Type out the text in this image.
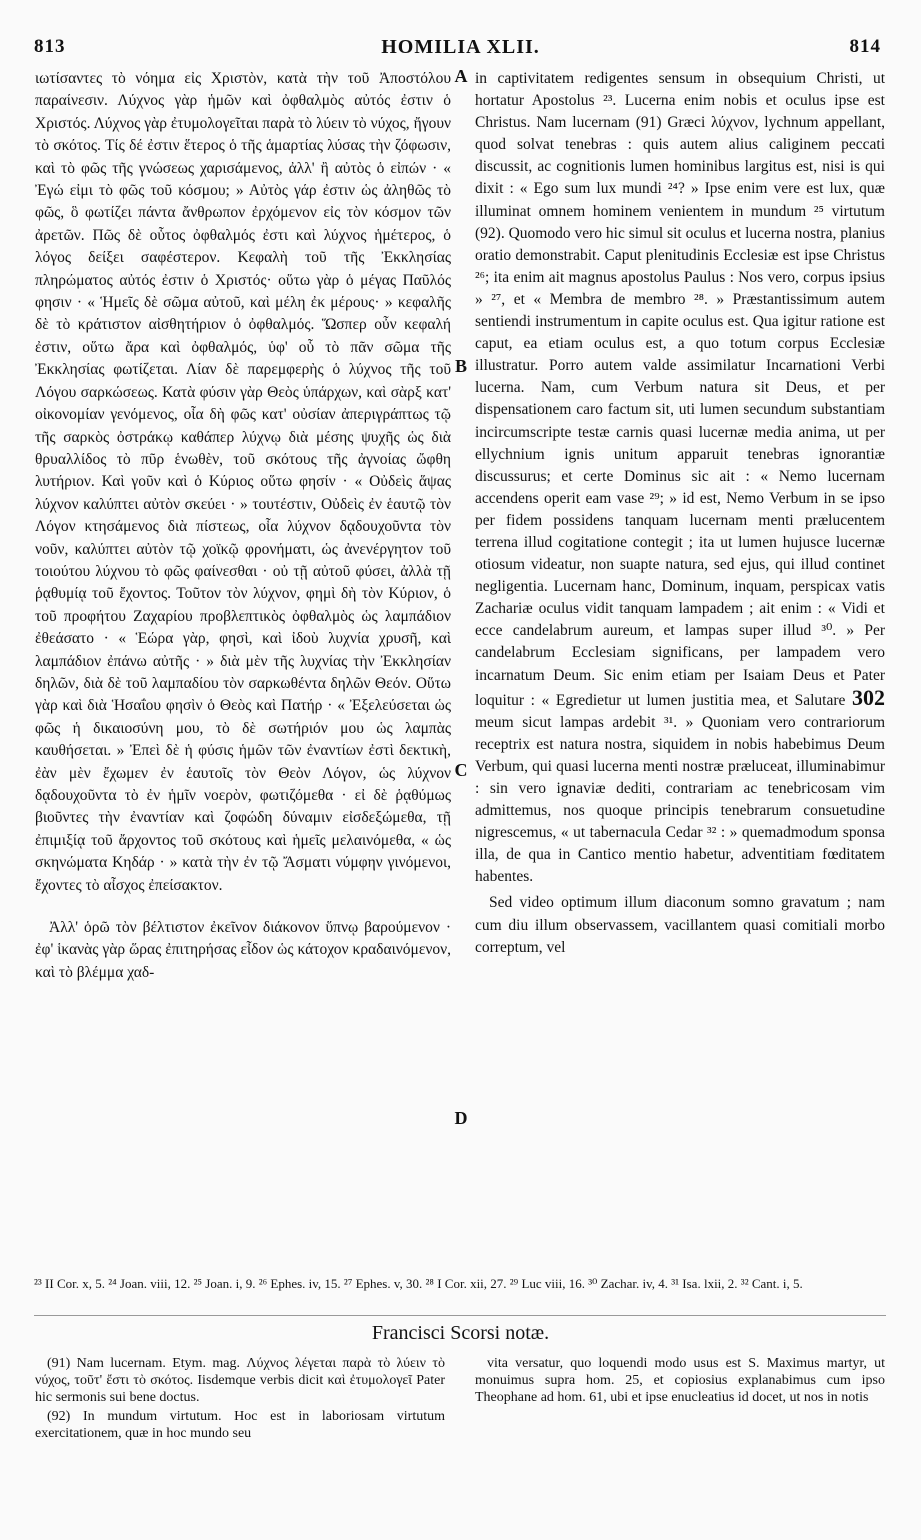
813	HOMILIA XLII.	814

ιωτίσαντες τὸ νόημα εἰς Χριστὸν, κατὰ τὴν τοῦ Ἀποστόλου παραίνεσιν. Λύχνος γὰρ ἡμῶν καὶ ὀφθαλμὸς αὐτός ἐστιν ὁ Χριστός. Λύχνος γὰρ ἐτυμολογεῖται παρὰ τὸ λύειν τὸ νύχος, ἤγουν τὸ σκότος. Τίς δέ ἐστιν ἕτερος ὁ τῆς ἁμαρτίας λύσας τὴν ζόφωσιν, καὶ τὸ φῶς τῆς γνώσεως χαρισάμενος, ἀλλ' ἢ αὐτὸς ὁ εἰπών · « Ἐγώ εἰμι τὸ φῶς τοῦ κόσμου; » Αὐτὸς γάρ ἐστιν ὡς ἀληθῶς τὸ φῶς, ὃ φωτίζει πάντα ἄνθρωπον ἐρχόμενον εἰς τὸν κόσμον τῶν ἀρετῶν. Πῶς δὲ οὗτος ὀφθαλμός ἐστι καὶ λύχνος ἡμέτερος, ὁ λόγος δείξει σαφέστερον. Κεφαλὴ τοῦ τῆς Ἐκκλησίας πληρώματος αὐτός ἐστιν ὁ Χριστός· οὕτω γὰρ ὁ μέγας Παῦλός φησιν · « Ἡμεῖς δὲ σῶμα αὐτοῦ, καὶ μέλη ἐκ μέρους· » κεφαλῆς δὲ τὸ κράτιστον αἰσθητήριον ὁ ὀφθαλμός. Ὥσπερ οὖν κεφαλή ἐστιν, οὕτω ἄρα καὶ ὀφθαλμός, ὑφ' οὗ τὸ πᾶν σῶμα τῆς Ἐκκλησίας φωτίζεται. Λίαν δὲ παρεμφερὴς ὁ λύχνος τῆς τοῦ Λόγου σαρκώσεως. Κατὰ φύσιν γὰρ Θεὸς ὑπάρχων, καὶ σὰρξ κατ' οἰκονομίαν γενόμενος, οἷα δὴ φῶς κατ' οὐσίαν ἀπεριγράπτως τῷ τῆς σαρκὸς ὀστράκῳ καθάπερ λύχνῳ διὰ μέσης ψυχῆς ὡς διὰ θρυαλλίδος τὸ πῦρ ἑνωθὲν, τοῦ σκότους τῆς ἀγνοίας ὤφθη λυτήριον. Καὶ γοῦν καὶ ὁ Κύριος οὕτω φησίν · « Οὐδεὶς ἅψας λύχνον καλύπτει αὐτὸν σκεύει · » τουτέστιν, Οὐδεὶς ἐν ἑαυτῷ τὸν Λόγον κτησάμενος διὰ πίστεως, οἷα λύχνον δᾳδουχοῦντα τὸν νοῦν, καλύπτει αὐτὸν τῷ χοϊκῷ φρονήματι, ὡς ἀνενέργητον τοῦ τοιούτου λύχνου τὸ φῶς φαίνεσθαι · οὐ τῇ αὐτοῦ φύσει, ἀλλὰ τῇ ῥᾳθυμίᾳ τοῦ ἔχοντος. Τοῦτον τὸν λύχνον, φημὶ δὴ τὸν Κύριον, ὁ τοῦ προφήτου Ζαχαρίου προβλεπτικὸς ὀφθαλμὸς ὡς λαμπάδιον ἐθεάσατο · « Ἑώρα γὰρ, φησὶ, καὶ ἰδοὺ λυχνία χρυσῆ, καὶ λαμπάδιον ἐπάνω αὐτῆς · » διὰ μὲν τῆς λυχνίας τὴν Ἐκκλησίαν δηλῶν, διὰ δὲ τοῦ λαμπαδίου τὸν σαρκωθέντα δηλῶν Θεόν. Οὕτω γὰρ καὶ διὰ Ἡσαΐου φησὶν ὁ Θεὸς καὶ Πατήρ · « Ἐξελεύσεται ὡς φῶς ἡ δικαιοσύνη μου, τὸ δὲ σωτήριόν μου ὡς λαμπὰς καυθήσεται. » Ἐπεὶ δὲ ἡ φύσις ἡμῶν τῶν ἐναντίων ἐστὶ δεκτικὴ, ἐὰν μὲν ἔχωμεν ἐν ἑαυτοῖς τὸν Θεὸν Λόγον, ὡς λύχνον δᾳδουχοῦντα τὸ ἐν ἡμῖν νοερὸν, φωτιζόμεθα · εἰ δὲ ῥᾳθύμως βιοῦντες τὴν ἐναντίαν καὶ ζοφώδη δύναμιν εἰσδεξώμεθα, τῇ ἐπιμιξίᾳ τοῦ ἄρχοντος τοῦ σκότους καὶ ἡμεῖς μελαινόμεθα, « ὡς σκηνώματα Κηδάρ · » κατὰ τὴν ἐν τῷ Ἄσματι νύμφην γινόμενοι, ἔχοντες τὸ αἶσχος ἐπείσακτον.

Ἀλλ' ὁρῶ τὸν βέλτιστον ἐκεῖνον διάκονον ὕπνῳ βαρούμενον · ἐφ' ἱκανὰς γὰρ ὥρας ἐπιτηρήσας εἶδον ὡς κάτοχον κραδαινόμενον, καὶ τὸ βλέμμα χαδ-

A
B
C
D

in captivitatem redigentes sensum in obsequium Christi, ut hortatur Apostolus ²³. Lucerna enim nobis et oculus ipse est Christus. Nam lucernam (91) Græci λύχνον, lychnum appellant, quod solvat tenebras : quis autem alius caliginem peccati discussit, ac cognitionis lumen hominibus largitus est, nisi is qui dixit : « Ego sum lux mundi ²⁴? » Ipse enim vere est lux, quæ illuminat omnem hominem venientem in mundum ²⁵ virtutum (92). Quomodo vero hic simul sit oculus et lucerna nostra, planius oratio demonstrabit. Caput plenitudinis Ecclesiæ est ipse Christus ²⁶; ita enim ait magnus apostolus Paulus : Nos vero, corpus ipsius » ²⁷, et « Membra de membro ²⁸. » Præstantissimum autem sentiendi instrumentum in capite oculus est. Qua igitur ratione est caput, ea etiam oculus est, a quo totum corpus Ecclesiæ illustratur. Porro autem valde assimilatur Incarnationi Verbi lucerna. Nam, cum Verbum natura sit Deus, et per dispensationem caro factum sit, uti lumen secundum substantiam incircumscripte testæ carnis quasi lucernæ media anima, ut per ellychnium ignis unitum apparuit tenebras ignorantiæ discussurus; et certe Dominus sic ait : « Nemo lucernam accendens operit eam vase ²⁹; » id est, Nemo Verbum in se ipso per fidem possidens tanquam lucernam menti prælucentem terrena illud cogitatione contegit ; ita ut lumen hujusce lucernæ otiosum videatur, non suapte natura, sed ejus, qui illud continet negligentia. Lucernam hanc, Dominum, inquam, perspicax vatis Zachariæ oculus vidit tanquam lampadem ; ait enim : « Vidi et ecce candelabrum aureum, et lampas super illud ³⁰. » Per candelabrum Ecclesiam significans, per lampadem vero incarnatum Deum. Sic enim etiam per Isaiam Deus et Pater loquitur : « Egredietur ut lumen justitia mea, et Salutare 302 meum sicut lampas ardebit ³¹. » Quoniam vero contrariorum receptrix est natura nostra, siquidem in nobis habebimus Deum Verbum, qui quasi lucerna menti nostræ præluceat, illuminabimur : sin vero ignaviæ dediti, contrariam ac tenebricosam vim admittemus, nos quoque principis tenebrarum consuetudine nigrescemus, « ut tabernacula Cedar ³² : » quemadmodum sponsa illa, de qua in Cantico mentio habetur, adventitiam fœditatem habentes.

Sed video optimum illum diaconum somno gravatum ; nam cum diu illum observassem, vacillantem quasi comitiali morbo correptum, vel

²³ II Cor. x, 5. ²⁴ Joan. viii, 12. ²⁵ Joan. i, 9. ²⁶ Ephes. iv, 15. ²⁷ Ephes. v, 30. ²⁸ I Cor. xii, 27. ²⁹ Luc viii, 16. ³⁰ Zachar. iv, 4. ³¹ Isa. lxii, 2. ³² Cant. i, 5.
Francisci Scorsi notæ.

(91) Nam lucernam. Etym. mag. Λύχνος λέγεται παρὰ τὸ λύειν τὸ νύχος, τοῦτ' ἔστι τὸ σκότος. Iisdemque verbis dicit καὶ ἐτυμολογεῖ Pater hic sermonis sui bene doctus.

(92) In mundum virtutum. Hoc est in laboriosam virtutum exercitationem, quæ in hoc mundo seu

vita versatur, quo loquendi modo usus est S. Maximus martyr, ut monuimus supra hom. 25, et copiosius explanabimus cum ipso Theophane ad hom. 61, ubi et ipse enucleatius id docet, ut nos in notis
